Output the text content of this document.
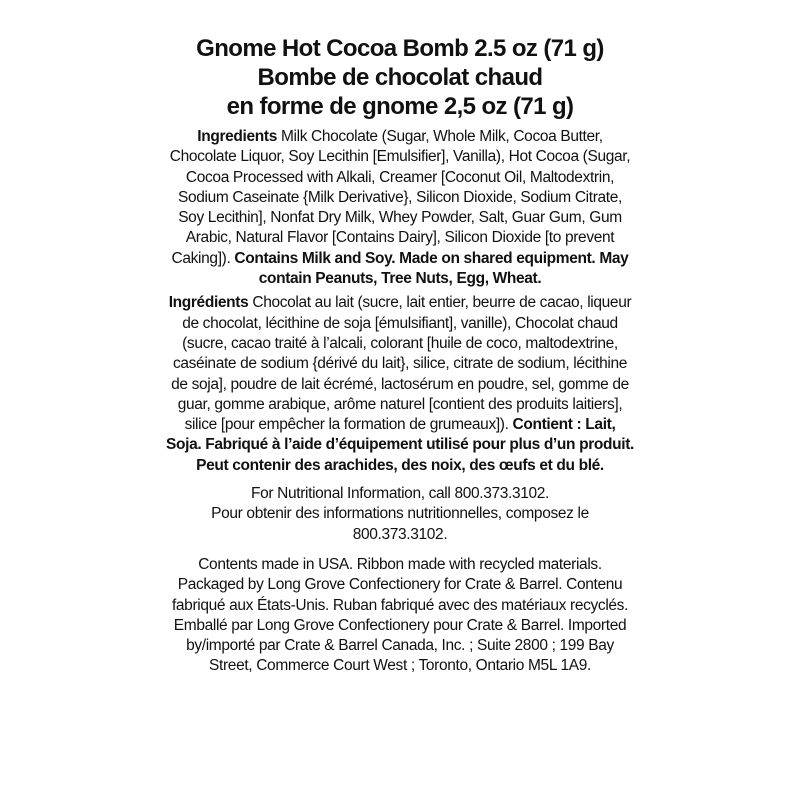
Gnome Hot Cocoa Bomb 2.5 oz (71 g)
Bombe de chocolat chaud
en forme de gnome 2,5 oz (71 g)
Ingredients Milk Chocolate (Sugar, Whole Milk, Cocoa Butter, Chocolate Liquor, Soy Lecithin [Emulsifier], Vanilla), Hot Cocoa (Sugar, Cocoa Processed with Alkali, Creamer [Coconut Oil, Maltodextrin, Sodium Caseinate {Milk Derivative}, Silicon Dioxide, Sodium Citrate, Soy Lecithin], Nonfat Dry Milk, Whey Powder, Salt, Guar Gum, Gum Arabic, Natural Flavor [Contains Dairy], Silicon Dioxide [to prevent Caking]). Contains Milk and Soy. Made on shared equipment. May contain Peanuts, Tree Nuts, Egg, Wheat.
Ingrédients Chocolat au lait (sucre, lait entier, beurre de cacao, liqueur de chocolat, lécithine de soja [émulsifiant], vanille), Chocolat chaud (sucre, cacao traité à l’alcali, colorant [huile de coco, maltodextrine, caséinate de sodium {dérivé du lait}, silice, citrate de sodium, lécithine de soja], poudre de lait écrémé, lactosérum en poudre, sel, gomme de guar, gomme arabique, arôme naturel [contient des produits laitiers], silice [pour empêcher la formation de grumeaux]). Contient : Lait, Soja. Fabriqué à l’aide d’équipement utilisé pour plus d’un produit. Peut contenir des arachides, des noix, des œufs et du blé.
For Nutritional Information, call 800.373.3102.
Pour obtenir des informations nutritionnelles, composez le
800.373.3102.
Contents made in USA. Ribbon made with recycled materials. Packaged by Long Grove Confectionery for Crate & Barrel. Contenu fabriqué aux États-Unis. Ruban fabriqué avec des matériaux recyclés. Emballé par Long Grove Confectionery pour Crate & Barrel. Imported by/importé par Crate & Barrel Canada, Inc. ; Suite 2800 ; 199 Bay Street, Commerce Court West ; Toronto, Ontario M5L 1A9.
